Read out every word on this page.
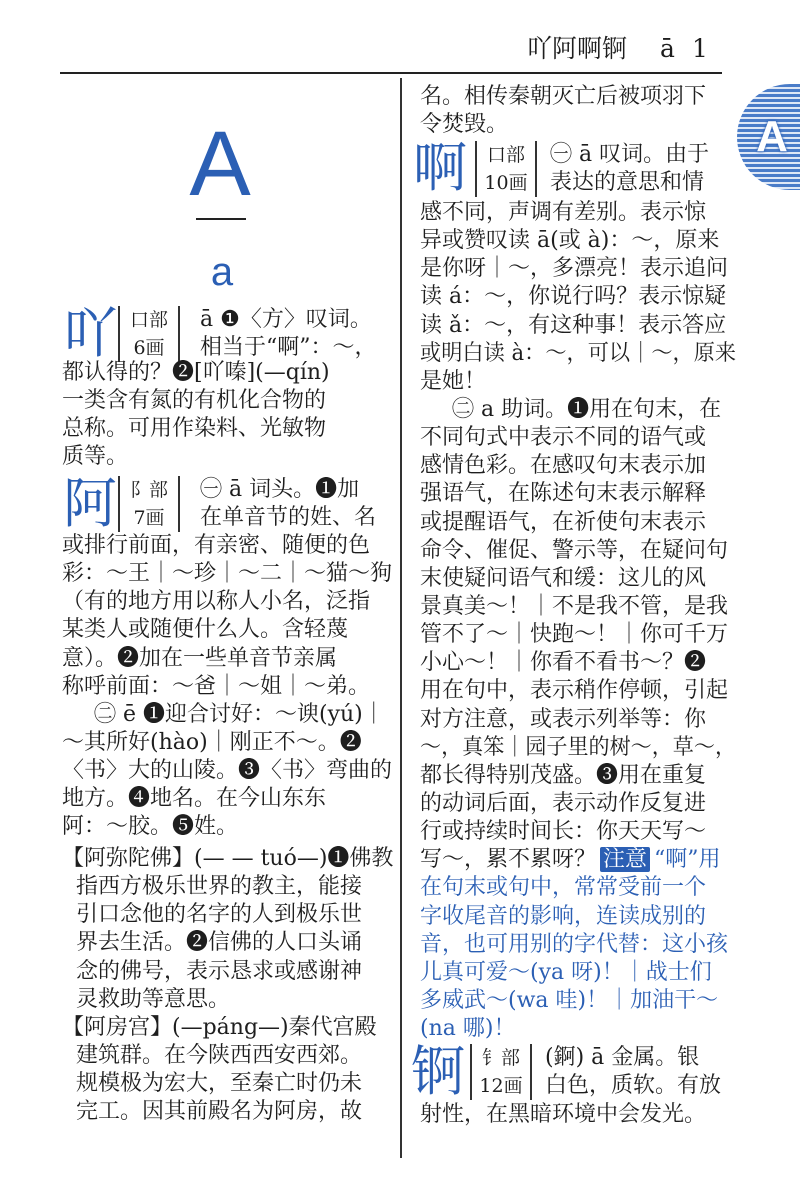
吖阿啊锕 ā 1
A
A
a
吖 口部
6画
ā ❶〈方〉叹词。
相当于“啊”：～，
都认得的？❷[吖嗪](—qín)
一类含有氮的有机化合物的
总称。可用作染料、光敏物
质等。
阿 阝部
7画
㊀ ā 词头。❶加
在单音节的姓、名
或排行前面，有亲密、随便的色
彩：～王｜～珍｜～二｜～猫～狗
（有的地方用以称人小名，泛指
某类人或随便什么人。含轻蔑
意）。❷加在一些单音节亲属
称呼前面：～爸｜～姐｜～弟。
㊁ ē ❶迎合讨好：～谀(yú)｜
～其所好(hào)｜刚正不～。❷
〈书〉大的山陵。❸〈书〉弯曲的
地方。❹地名。在今山东东
阿：～胶。❺姓。
【阿弥陀佛】(— — tuó—)❶佛教
指西方极乐世界的教主，能接
引口念他的名字的人到极乐世
界去生活。❷信佛的人口头诵
念的佛号，表示恳求或感谢神
灵救助等意思。
【阿房宫】(—páng—)秦代宫殿
建筑群。在今陕西西安西郊。
规模极为宏大，至秦亡时仍未
完工。因其前殿名为阿房，故
名。相传秦朝灭亡后被项羽下
令焚毁。
啊	口部
10画
㊀ ā 叹词。由于
表达的意思和情
感不同，声调有差别。表示惊
异或赞叹读 ā(或 à)：～，原来
是你呀｜～，多漂亮！表示追问
读 á：～，你说行吗？表示惊疑
读 ǎ：～，有这种事！表示答应
或明白读 à：～，可以｜～，原来
是她！
㊁ a 助词。❶用在句末，在
不同句式中表示不同的语气或
感情色彩。在感叹句末表示加
强语气，在陈述句末表示解释
或提醒语气，在祈使句末表示
命令、催促、警示等，在疑问句
末使疑问语气和缓：这儿的风
景真美～！｜不是我不管，是我
管不了～｜快跑～！｜你可千万
小心～！｜你看不看书～？❷
用在句中，表示稍作停顿，引起
对方注意，或表示列举等：你
～，真笨｜园子里的树～，草～，
都长得特别茂盛。❸用在重复
的动词后面，表示动作反复进
行或持续时间长：你天天写～
写～，累不累呀？ 注意 “啊”用
在句末或句中，常常受前一个
字收尾音的影响，连读成别的
音，也可用别的字代替：这小孩
儿真可爱～(ya 呀)！｜战士们
多威武～(wa 哇)！｜加油干～
(na 哪)！
锕 钅部
12画
(錒) ā 金属。银
白色，质软。有放
射性，在黑暗环境中会发光。
